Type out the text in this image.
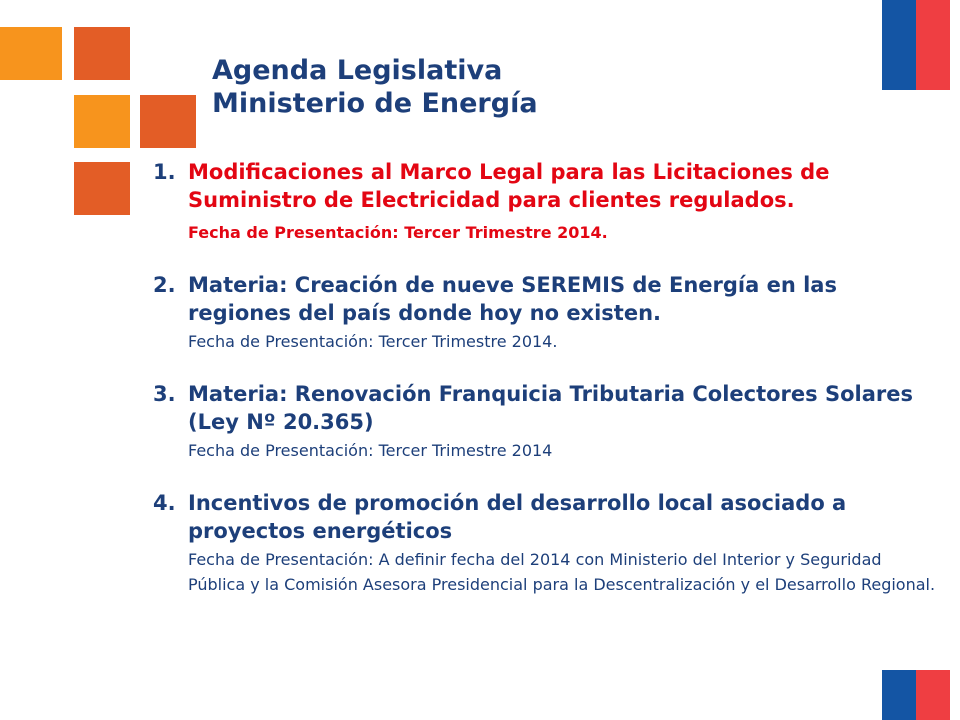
Agenda Legislativa
Ministerio de Energía

1. Modificaciones al Marco Legal para las Licitaciones de Suministro de Electricidad para clientes regulados.

Fecha de Presentación: Tercer Trimestre 2014.

2. Materia: Creación de nueve SEREMIS de Energía en las regiones del país donde hoy no existen.

Fecha de Presentación: Tercer Trimestre 2014.

3. Materia: Renovación Franquicia Tributaria Colectores Solares (Ley Nº 20.365)

Fecha de Presentación: Tercer Trimestre 2014

4. Incentivos de promoción del desarrollo local asociado a proyectos energéticos

Fecha de Presentación: A definir fecha del 2014 con Ministerio del Interior y Seguridad Pública y la Comisión Asesora Presidencial para la Descentralización y el Desarrollo Regional.
